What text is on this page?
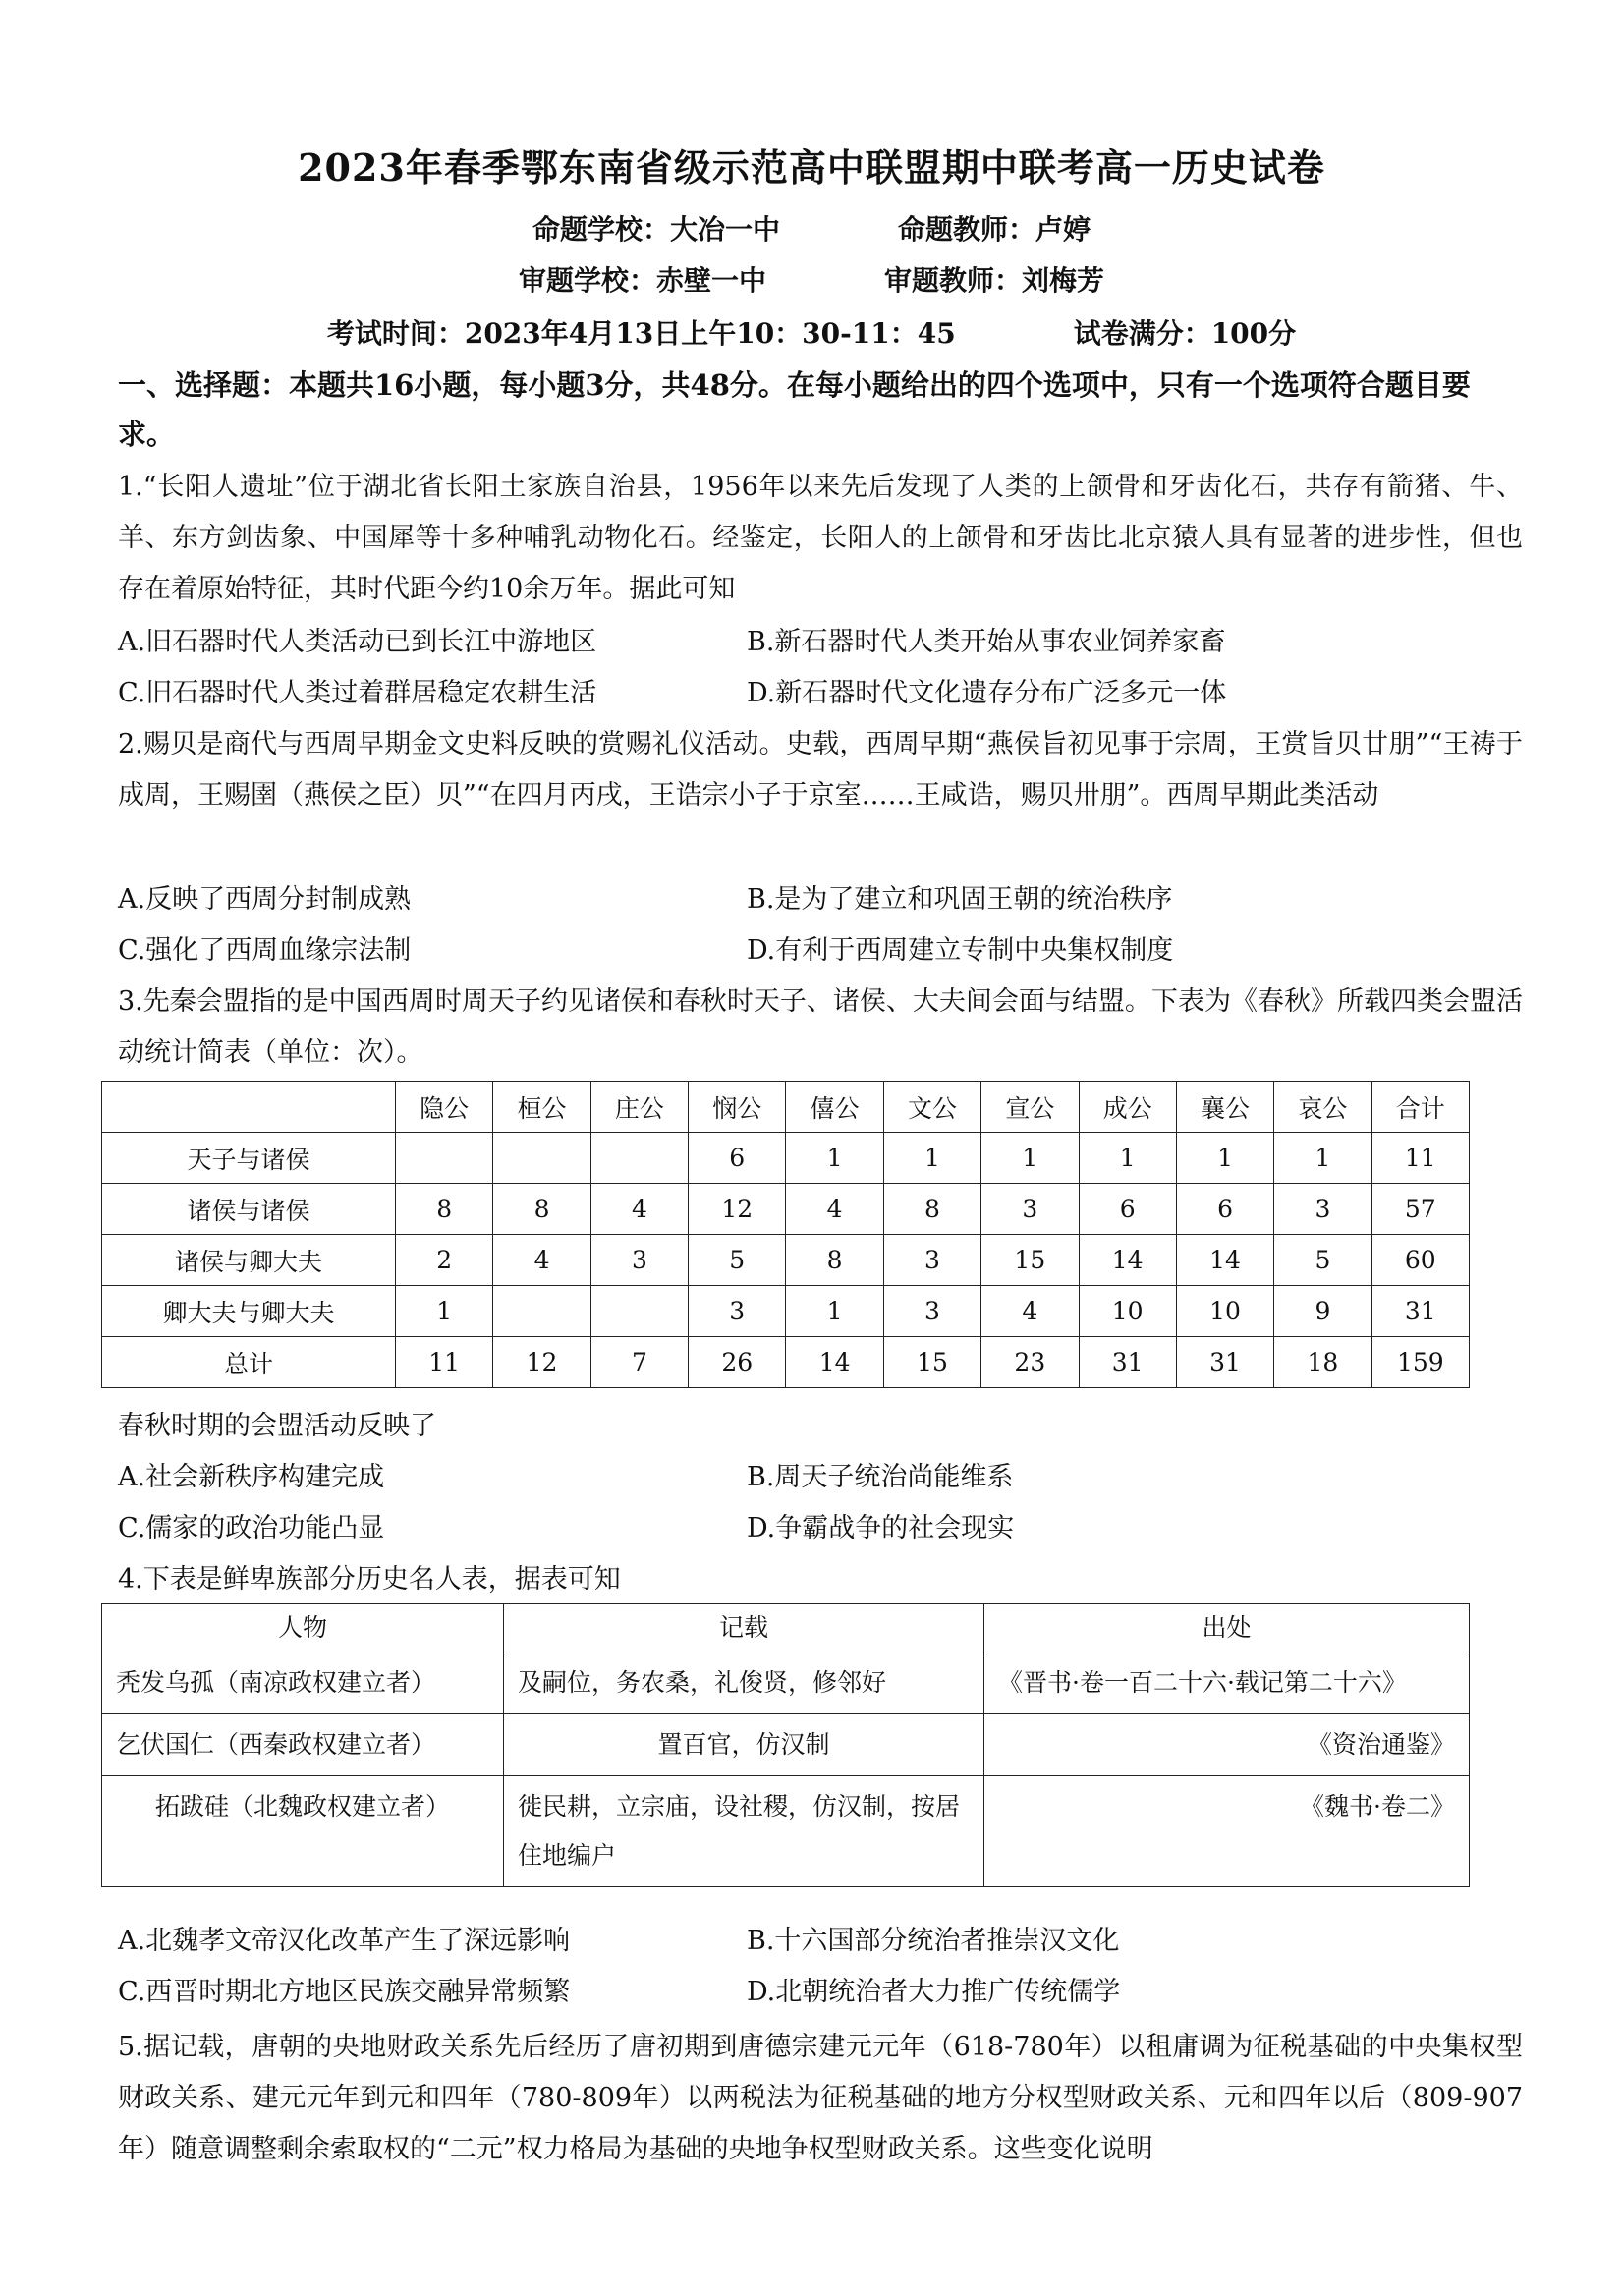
2023年春季鄂东南省级示范高中联盟期中联考高一历史试卷
命题学校：大冶一中	命题教师：卢婷
审题学校：赤壁一中	审题教师：刘梅芳
考试时间：2023年4月13日上午10：30-11：45	试卷满分：100分
一、选择题：本题共16小题，每小题3分，共48分。在每小题给出的四个选项中，只有一个选项符合题目要求。
1.“长阳人遗址”位于湖北省长阳土家族自治县，1956年以来先后发现了人类的上颌骨和牙齿化石，共存有箭猪、牛、羊、东方剑齿象、中国犀等十多种哺乳动物化石。经鉴定，长阳人的上颌骨和牙齿比北京猿人具有显著的进步性，但也存在着原始特征，其时代距今约10余万年。据此可知
A.旧石器时代人类活动已到长江中游地区	B.新石器时代人类开始从事农业饲养家畜
C.旧石器时代人类过着群居稳定农耕生活	D.新石器时代文化遗存分布广泛多元一体
2.赐贝是商代与西周早期金文史料反映的赏赐礼仪活动。史载，西周早期“燕侯旨初见事于宗周，王赏旨贝廿朋”“王祷于成周，王赐圉（燕侯之臣）贝”“在四月丙戌，王诰宗小子于京室……王咸诰，赐贝卅朋”。西周早期此类活动
A.反映了西周分封制成熟	B.是为了建立和巩固王朝的统治秩序
C.强化了西周血缘宗法制	D.有利于西周建立专制中央集权制度
3.先秦会盟指的是中国西周时周天子约见诸侯和春秋时天子、诸侯、大夫间会面与结盟。下表为《春秋》所载四类会盟活动统计简表（单位：次）。
	隐公	桓公	庄公	悯公	僖公	文公	宣公	成公	襄公	哀公	合计
天子与诸侯				6	1	1	1	1	1	1	11
诸侯与诸侯	8	8	4	12	4	8	3	6	6	3	57
诸侯与卿大夫	2	4	3	5	8	3	15	14	14	5	60
卿大夫与卿大夫	1			3	1	3	4	10	10	9	31
总计	11	12	7	26	14	15	23	31	31	18	159
春秋时期的会盟活动反映了
A.社会新秩序构建完成	B.周天子统治尚能维系
C.儒家的政治功能凸显	D.争霸战争的社会现实
4.下表是鲜卑族部分历史名人表，据表可知
人物	记载	出处
秃发乌孤（南凉政权建立者）	及嗣位，务农桑，礼俊贤，修邻好	《晋书·卷一百二十六·载记第二十六》
乞伏国仁（西秦政权建立者）	置百官，仿汉制	《资治通鉴》
拓跋硅（北魏政权建立者）	徙民耕，立宗庙，设社稷，仿汉制，按居住地编户	《魏书·卷二》
A.北魏孝文帝汉化改革产生了深远影响	B.十六国部分统治者推崇汉文化
C.西晋时期北方地区民族交融异常频繁	D.北朝统治者大力推广传统儒学
5.据记载，唐朝的央地财政关系先后经历了唐初期到唐德宗建元元年（618-780年）以租庸调为征税基础的中央集权型财政关系、建元元年到元和四年（780-809年）以两税法为征税基础的地方分权型财政关系、元和四年以后（809-907年）随意调整剩余索取权的“二元”权力格局为基础的央地争权型财政关系。这些变化说明
